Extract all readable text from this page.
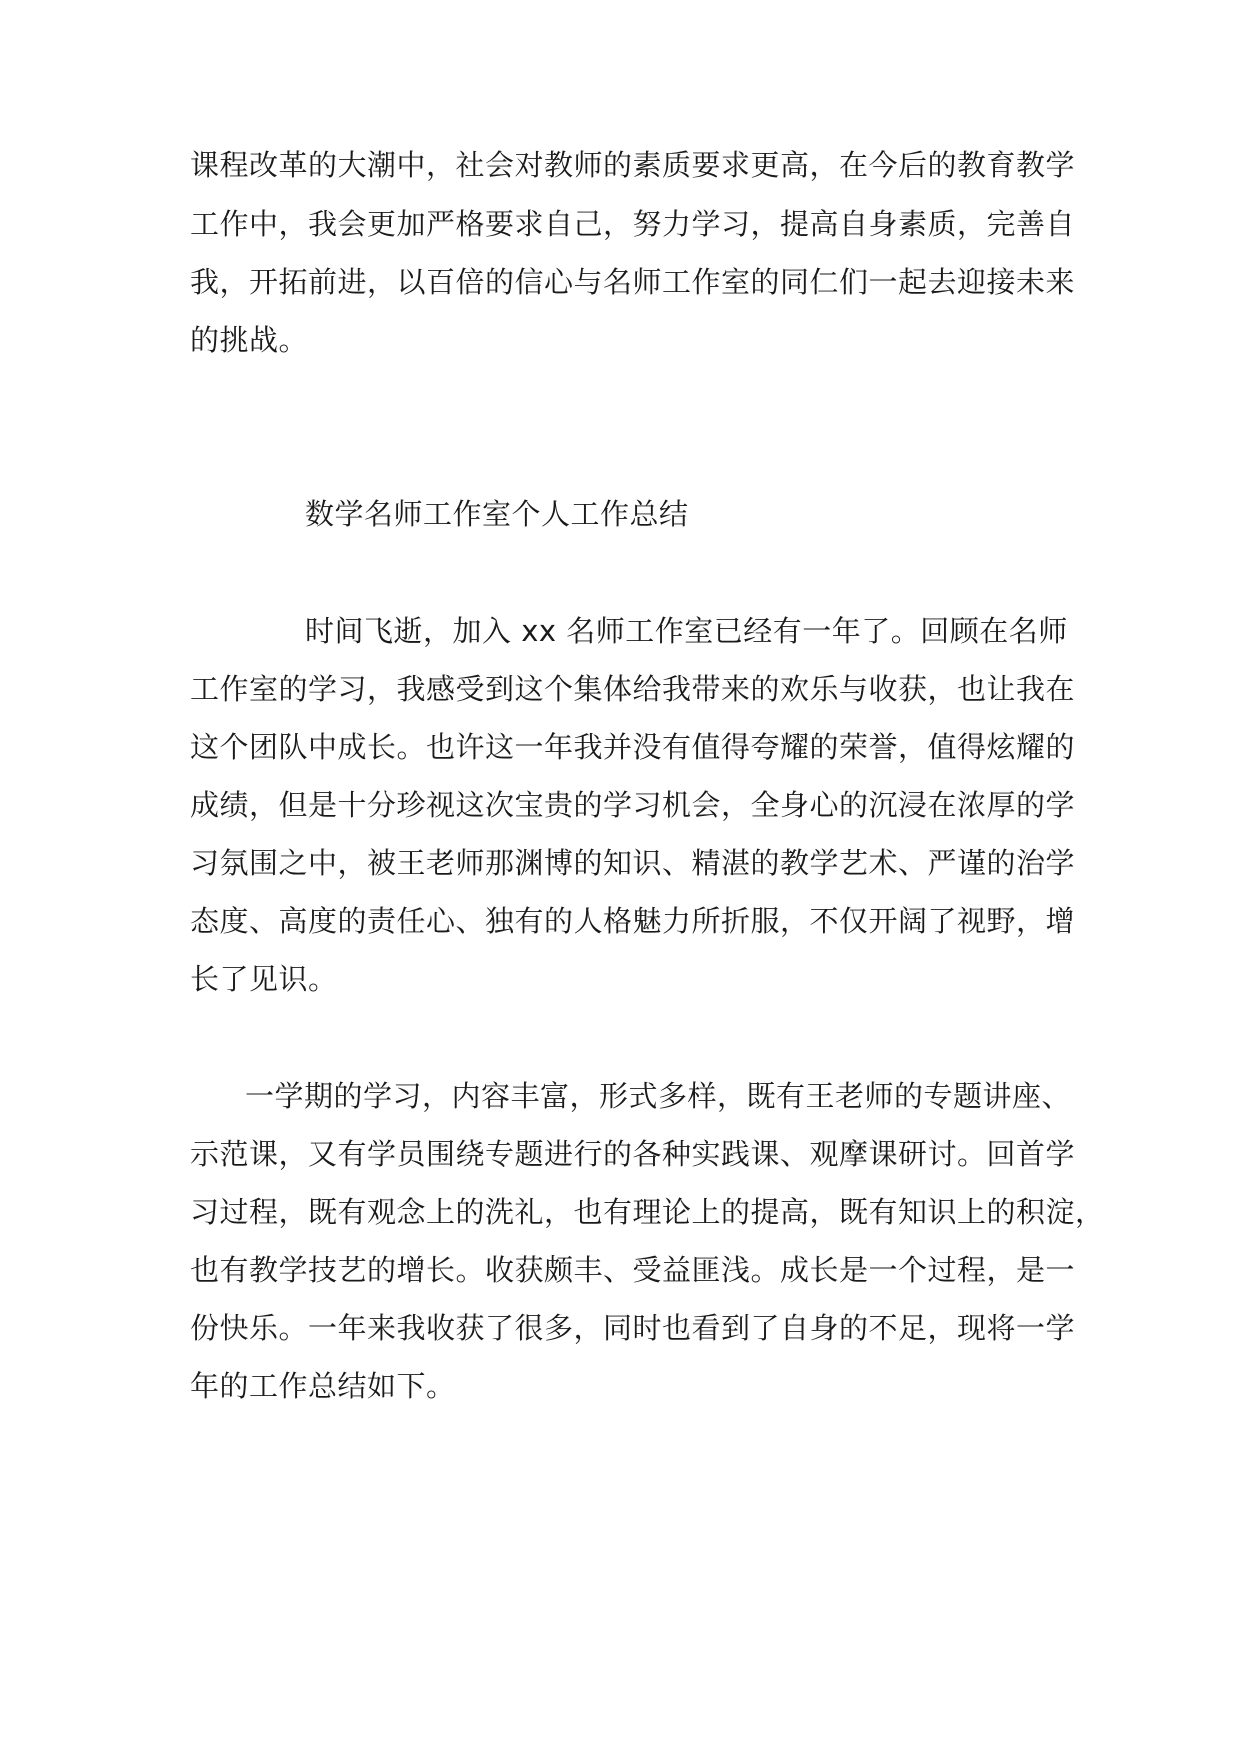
课程改革的大潮中，社会对教师的素质要求更高，在今后的教育教学
工作中，我会更加严格要求自己，努力学习，提高自身素质，完善自
我，开拓前进，以百倍的信心与名师工作室的同仁们一起去迎接未来
的挑战。
数学名师工作室个人工作总结
时间飞逝，加入 xx 名师工作室已经有一年了。回顾在名师
工作室的学习，我感受到这个集体给我带来的欢乐与收获，也让我在
这个团队中成长。也许这一年我并没有值得夸耀的荣誉，值得炫耀的
成绩，但是十分珍视这次宝贵的学习机会，全身心的沉浸在浓厚的学
习氛围之中，被王老师那渊博的知识、精湛的教学艺术、严谨的治学
态度、高度的责任心、独有的人格魅力所折服，不仅开阔了视野，增
长了见识。
一学期的学习，内容丰富，形式多样，既有王老师的专题讲座、
示范课，又有学员围绕专题进行的各种实践课、观摩课研讨。回首学
习过程，既有观念上的洗礼，也有理论上的提高，既有知识上的积淀，
也有教学技艺的增长。收获颇丰、受益匪浅。成长是一个过程，是一
份快乐。一年来我收获了很多，同时也看到了自身的不足，现将一学
年的工作总结如下。
